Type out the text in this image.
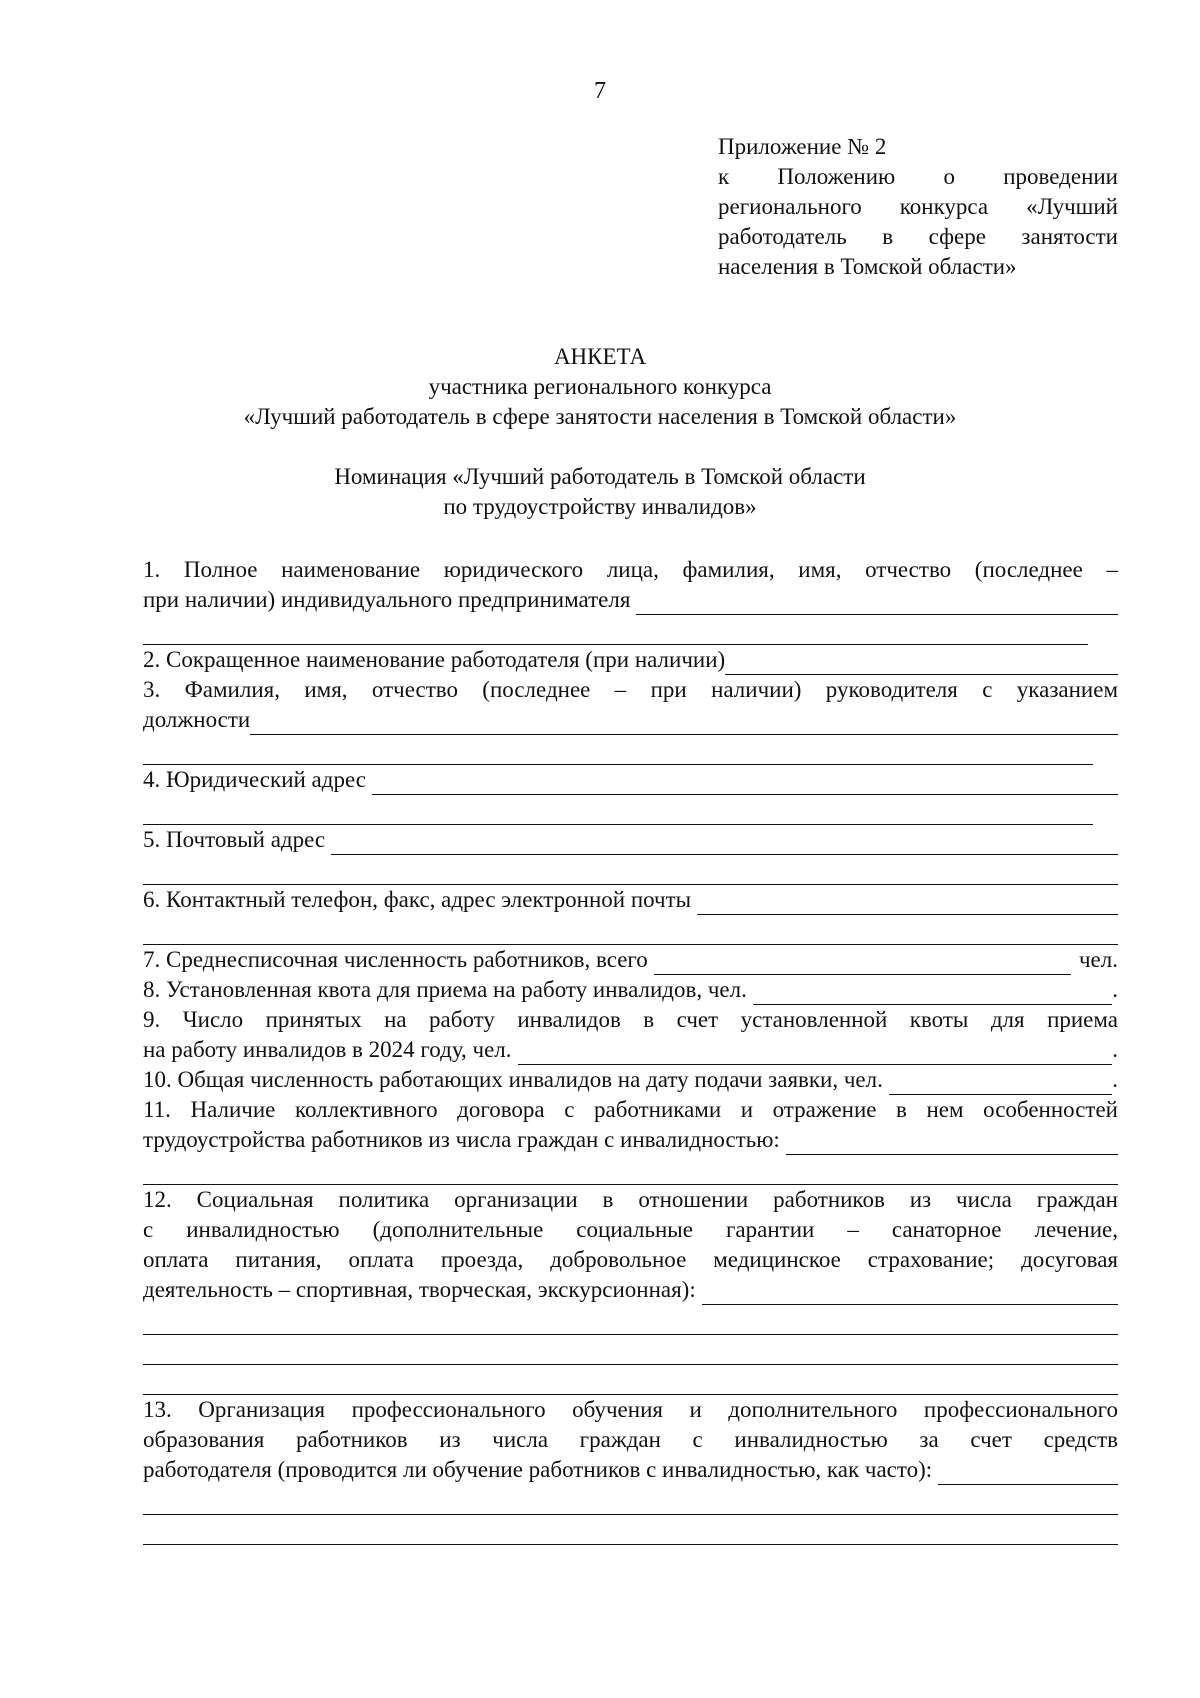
7
Приложение № 2
к Положению о проведении регионального конкурса «Лучший работодатель в сфере занятости населения в Томской области»
АНКЕТА
участника регионального конкурса
«Лучший работодатель в сфере занятости населения в Томской области»
Номинация «Лучший работодатель в Томской области
по трудоустройству инвалидов»
1. Полное наименование юридического лица, фамилия, имя, отчество (последнее –
при наличии) индивидуального предпринимателя
2. Сокращенное наименование работодателя (при наличии)
3. Фамилия, имя, отчество (последнее – при наличии) руководителя с указанием
должности
4. Юридический адрес
5. Почтовый адрес
6. Контактный телефон, факс, адрес электронной почты
7. Среднесписочная численность работников, всего	чел.
8. Установленная квота для приема на работу инвалидов, чел.	.
9. Число принятых на работу инвалидов в счет установленной квоты для приема
на работу инвалидов в 2024 году, чел.	.
10. Общая численность работающих инвалидов на дату подачи заявки, чел.	.
11. Наличие коллективного договора с работниками и отражение в нем особенностей
трудоустройства работников из числа граждан с инвалидностью:
12. Социальная политика организации в отношении работников из числа граждан
с инвалидностью (дополнительные социальные гарантии – санаторное лечение,
оплата питания, оплата проезда, добровольное медицинское страхование; досуговая
деятельность – спортивная, творческая, экскурсионная):
13. Организация профессионального обучения и дополнительного профессионального
образования работников из числа граждан с инвалидностью за счет средств
работодателя (проводится ли обучение работников с инвалидностью, как часто):
